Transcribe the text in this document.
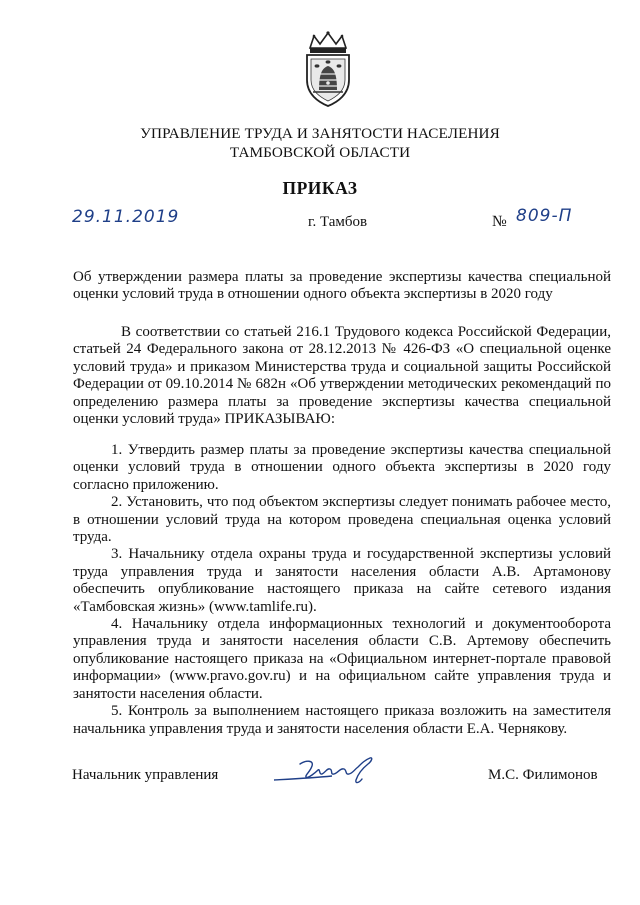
УПРАВЛЕНИЕ ТРУДА И ЗАНЯТОСТИ НАСЕЛЕНИЯ
ТАМБОВСКОЙ ОБЛАСТИ
ПРИКАЗ
29.11.2019	г. Тамбов	№ 809-П
Об утверждении размера платы за проведение экспертизы качества специальной оценки условий труда в отношении одного объекта экспертизы в 2020 году
В соответствии со статьей 216.1 Трудового кодекса Российской Федерации, статьей 24 Федерального закона от 28.12.2013 № 426-ФЗ «О специальной оценке условий труда» и приказом Министерства труда и социальной защиты Российской Федерации от 09.10.2014 № 682н «Об утверждении методических рекомендаций по определению размера платы за проведение экспертизы качества специальной оценки условий труда» ПРИКАЗЫВАЮ:

1. Утвердить размер платы за проведение экспертизы качества специальной оценки условий труда в отношении одного объекта экспертизы в 2020 году согласно приложению.

2. Установить, что под объектом экспертизы следует понимать рабочее место, в отношении условий труда на котором проведена специальная оценка условий труда.

3. Начальнику отдела охраны труда и государственной экспертизы условий труда управления труда и занятости населения области А.В. Артамонову обеспечить опубликование настоящего приказа на сайте сетевого издания «Тамбовская жизнь» (www.tamlife.ru).

4. Начальнику отдела информационных технологий и документооборота управления труда и занятости населения области С.В. Артемову обеспечить опубликование настоящего приказа на «Официальном интернет-портале правовой информации» (www.pravo.gov.ru) и на официальном сайте управления труда и занятости населения области.

5. Контроль за выполнением настоящего приказа возложить на заместителя начальника управления труда и занятости населения области Е.А. Чернякову.

Начальник управления	М.С. Филимонов
